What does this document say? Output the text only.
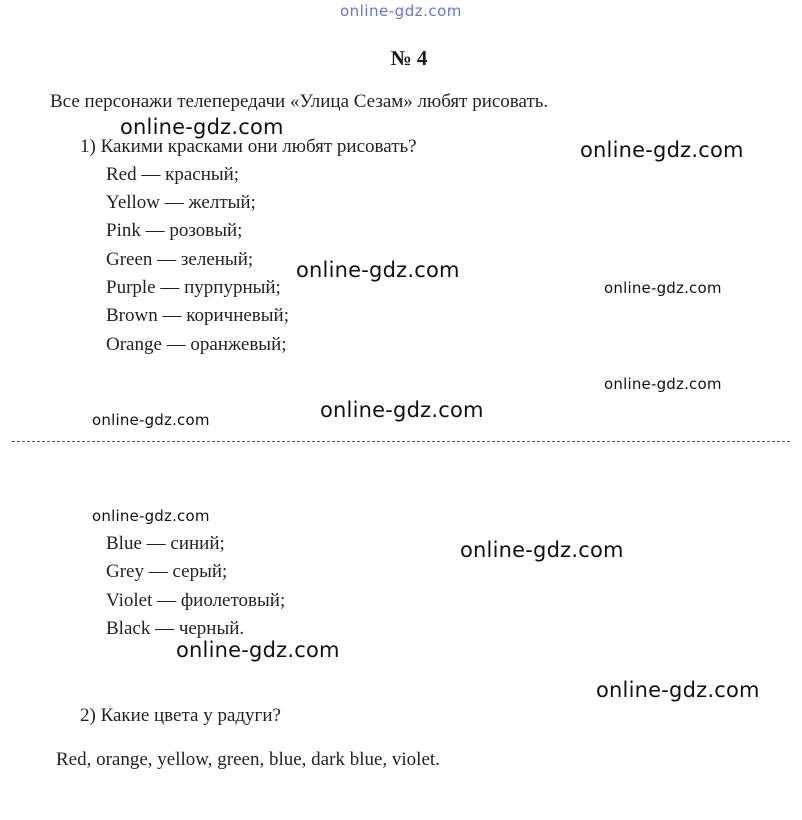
online-gdz.com
№ 4
Все персонажи телепередачи «Улица Сезам» любят рисовать.
1) Какими красками они любят рисовать?
Red — красный;
Yellow — желтый;
Pink — розовый;
Green — зеленый;
Purple — пурпурный;
Brown — коричневый;
Orange — оранжевый;
Blue — синий;
Grey — серый;
Violet — фиолетовый;
Black — черный.
2) Какие цвета у радуги?
Red, orange, yellow, green, blue, dark blue, violet.
online-gdz.com
online-gdz.com
online-gdz.com
online-gdz.com
online-gdz.com
online-gdz.com
online-gdz.com
online-gdz.com
online-gdz.com
online-gdz.com
online-gdz.com
